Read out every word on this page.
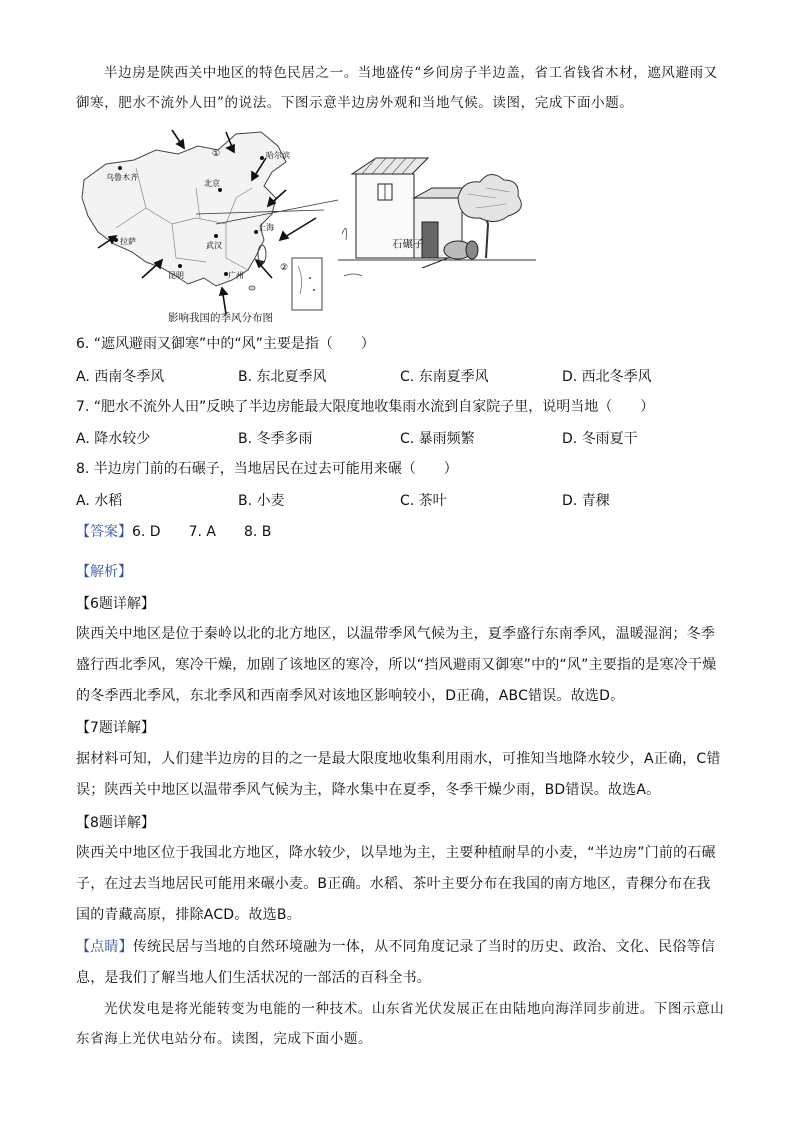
半边房是陕西关中地区的特色民居之一。当地盛传“乡间房子半边盖，省工省钱省木材，遮风避雨又御寒，肥水不流外人田”的说法。下图示意半边房外观和当地气候。读图，完成下面小题。

①
②
乌鲁木齐
哈尔滨
北京
拉萨
上海
武汉
昆明	广州
影响我国的季风分布图
石碾子
6. “遮风避雨又御寒”中的“风”主要是指（　　）
A. 西南冬季风	B. 东北夏季风	C. 东南夏季风	D. 西北冬季风
7. “肥水不流外人田”反映了半边房能最大限度地收集雨水流到自家院子里，说明当地（　　）
A. 降水较少	B. 冬季多雨	C. 暴雨频繁	D. 冬雨夏干
8. 半边房门前的石碾子，当地居民在过去可能用来碾（　　）
A. 水稻	B. 小麦	C. 茶叶	D. 青稞
【答案】6. D　　7. A　　8. B
【解析】
【6题详解】

陕西关中地区是位于秦岭以北的北方地区，以温带季风气候为主，夏季盛行东南季风，温暖湿润；冬季盛行西北季风，寒冷干燥，加剧了该地区的寒冷，所以“挡风避雨又御寒”中的“风”主要指的是寒冷干燥的冬季西北季风，东北季风和西南季风对该地区影响较小，D正确，ABC错误。故选D。

【7题详解】

据材料可知，人们建半边房的目的之一是最大限度地收集利用雨水，可推知当地降水较少，A正确，C错误；陕西关中地区以温带季风气候为主，降水集中在夏季，冬季干燥少雨，BD错误。故选A。

【8题详解】

陕西关中地区位于我国北方地区，降水较少，以旱地为主，主要种植耐旱的小麦，“半边房”门前的石碾子，在过去当地居民可能用来碾小麦。B正确。水稻、茶叶主要分布在我国的南方地区，青稞分布在我国的青藏高原，排除ACD。故选B。

【点睛】传统民居与当地的自然环境融为一体，从不同角度记录了当时的历史、政治、文化、民俗等信息，是我们了解当地人们生活状况的一部活的百科全书。

光伏发电是将光能转变为电能的一种技术。山东省光伏发展正在由陆地向海洋同步前进。下图示意山东省海上光伏电站分布。读图，完成下面小题。
